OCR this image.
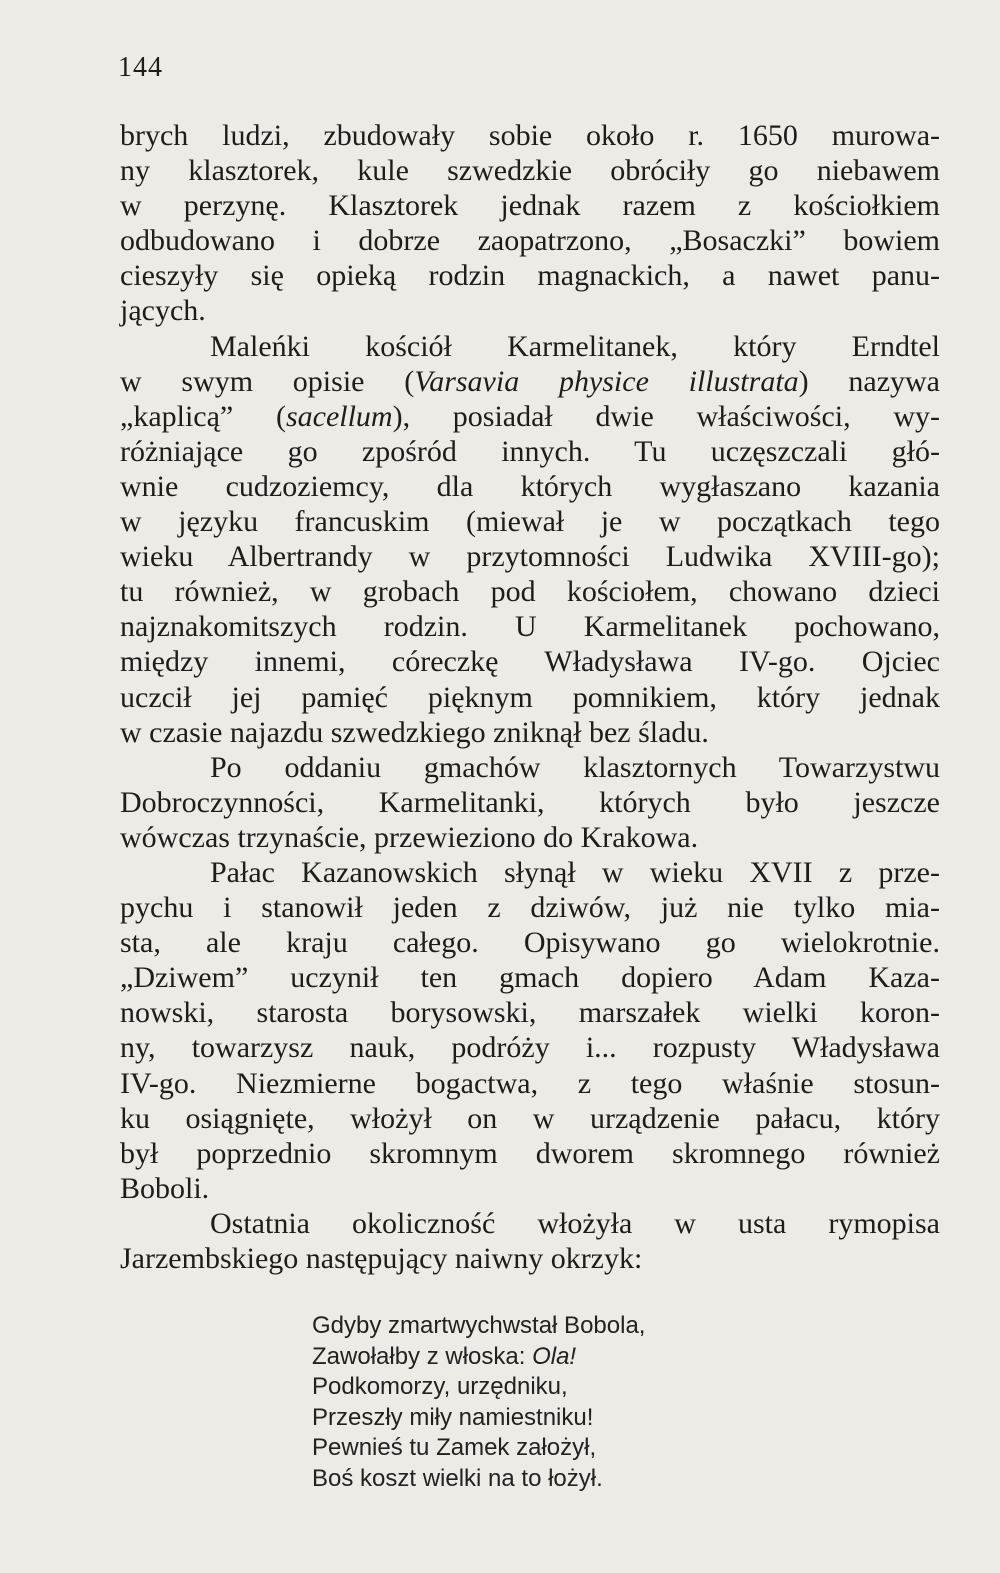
144
brych ludzi, zbudowały sobie około r. 1650 murowa-
ny klasztorek, kule szwedzkie obróciły go niebawem
w perzynę. Klasztorek jednak razem z kościołkiem
odbudowano i dobrze zaopatrzono, „Bosaczki” bowiem
cieszyły się opieką rodzin magnackich, a nawet panu-
jących.
Maleńki kościół Karmelitanek, który Erndtel
w swym opisie (Varsavia physice illustrata) nazywa
„kaplicą” (sacellum), posiadał dwie właściwości, wy-
różniające go zpośród innych. Tu uczęszczali głó-
wnie cudzoziemcy, dla których wygłaszano kazania
w języku francuskim (miewał je w początkach tego
wieku Albertrandy w przytomności Ludwika XVIII-go);
tu również, w grobach pod kościołem, chowano dzieci
najznakomitszych rodzin. U Karmelitanek pochowano,
między innemi, córeczkę Władysława IV-go. Ojciec
uczcił jej pamięć pięknym pomnikiem, który jednak
w czasie najazdu szwedzkiego zniknął bez śladu.
Po oddaniu gmachów klasztornych Towarzystwu
Dobroczynności, Karmelitanki, których było jeszcze
wówczas trzynaście, przewieziono do Krakowa.
Pałac Kazanowskich słynął w wieku XVII z prze-
pychu i stanowił jeden z dziwów, już nie tylko mia-
sta, ale kraju całego. Opisywano go wielokrotnie.
„Dziwem” uczynił ten gmach dopiero Adam Kaza-
nowski, starosta borysowski, marszałek wielki koron-
ny, towarzysz nauk, podróży i... rozpusty Władysława
IV-go. Niezmierne bogactwa, z tego właśnie stosun-
ku osiągnięte, włożył on w urządzenie pałacu, który
był poprzednio skromnym dworem skromnego również
Boboli.
Ostatnia okoliczność włożyła w usta rymopisa
Jarzembskiego następujący naiwny okrzyk:
Gdyby zmartwychwstał Bobola,
Zawołałby z włoska: Ola!
Podkomorzy, urzędniku,
Przeszły miły namiestniku!
Pewnieś tu Zamek założył,
Boś koszt wielki na to łożył.
